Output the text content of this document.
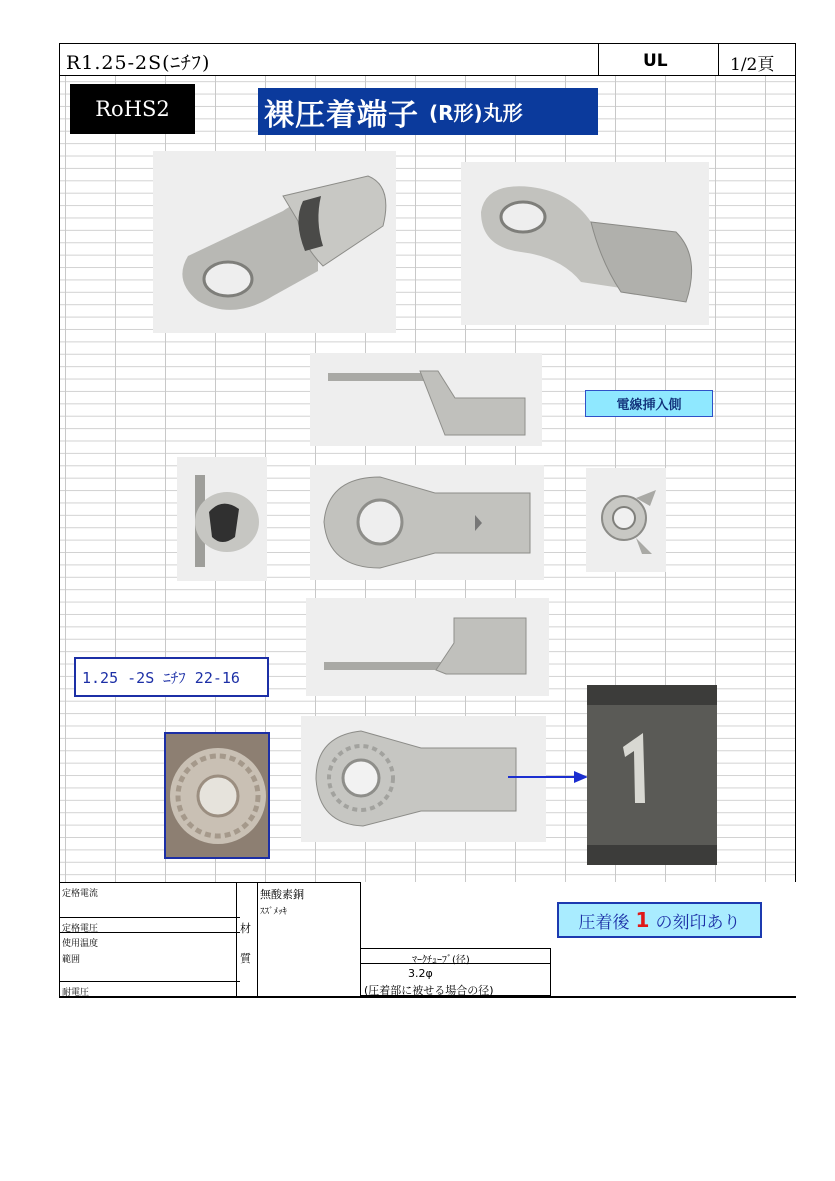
R1.25-2S(ﾆﾁﾌ)	UL	1/2頁
RoHS2	裸圧着端子 (R形) 丸形
電線挿入側
1.25 -2S ﾆﾁﾌ 22-16
定格電流
定格電圧
使用温度
範囲
耐電圧
材
質
無酸素銅
ｽｽﾞﾒｯｷ
ﾏｰｸﾁｭｰﾌﾞ(径)
3.2φ
(圧着部に被せる場合の径)
圧着後 1 の刻印あり
